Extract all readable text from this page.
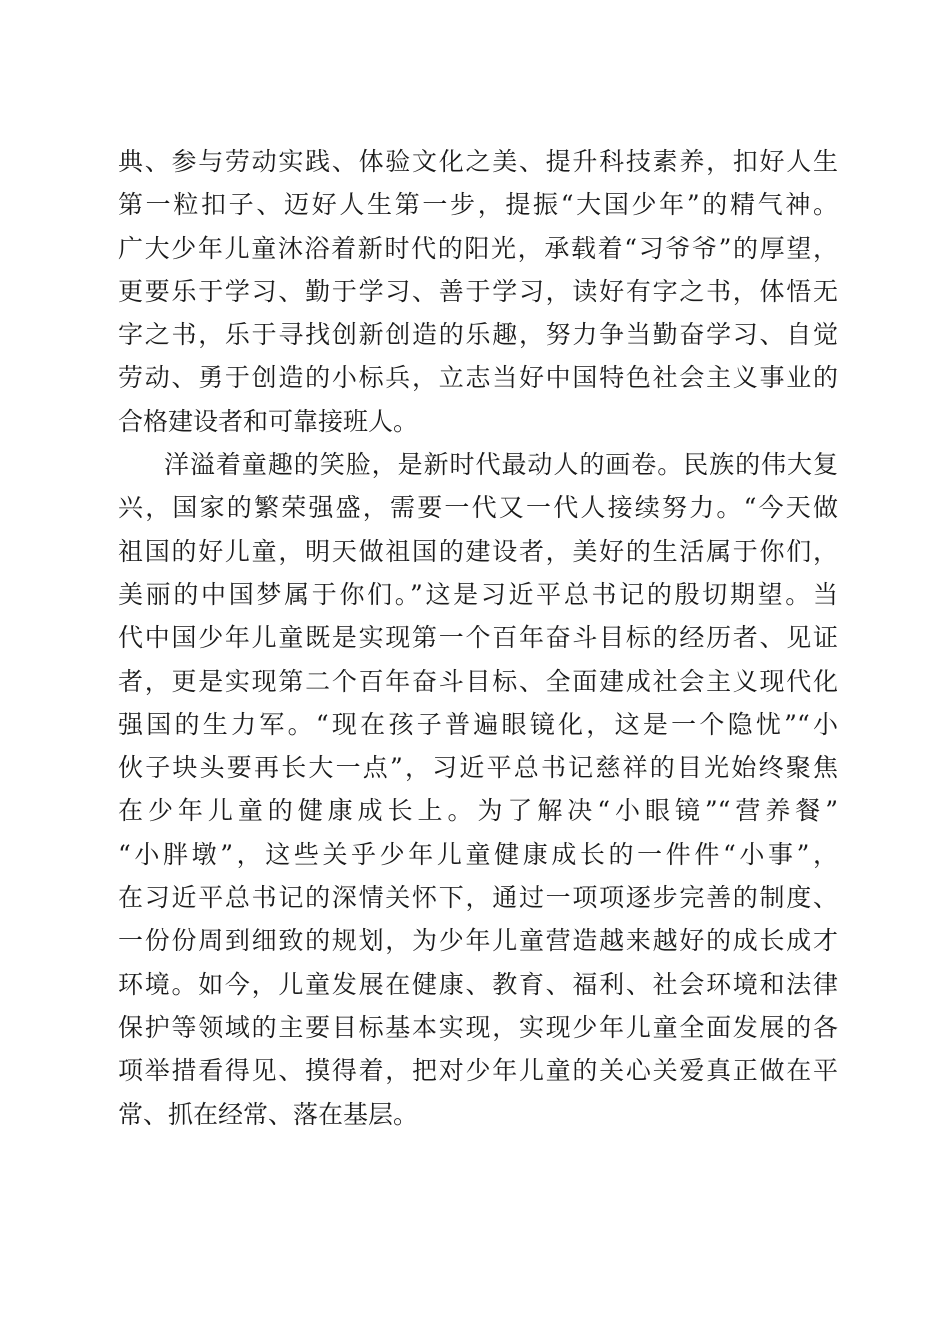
典、参与劳动实践、体验文化之美、提升科技素养，扣好人生
第一粒扣子、迈好人生第一步，提振“大国少年”的精气神。
广大少年儿童沐浴着新时代的阳光，承载着“习爷爷”的厚望，
更要乐于学习、勤于学习、善于学习，读好有字之书，体悟无
字之书，乐于寻找创新创造的乐趣，努力争当勤奋学习、自觉
劳动、勇于创造的小标兵，立志当好中国特色社会主义事业的
合格建设者和可靠接班人。
洋溢着童趣的笑脸，是新时代最动人的画卷。民族的伟大复
兴，国家的繁荣强盛，需要一代又一代人接续努力。“今天做
祖国的好儿童，明天做祖国的建设者，美好的生活属于你们，
美丽的中国梦属于你们。”这是习近平总书记的殷切期望。当
代中国少年儿童既是实现第一个百年奋斗目标的经历者、见证
者，更是实现第二个百年奋斗目标、全面建成社会主义现代化
强国的生力军。“现在孩子普遍眼镜化，这是一个隐忧”“小
伙子块头要再长大一点”，习近平总书记慈祥的目光始终聚焦
在少年儿童的健康成长上。为了解决“小眼镜”“营养餐”
“小胖墩”，这些关乎少年儿童健康成长的一件件“小事”，
在习近平总书记的深情关怀下，通过一项项逐步完善的制度、
一份份周到细致的规划，为少年儿童营造越来越好的成长成才
环境。如今，儿童发展在健康、教育、福利、社会环境和法律
保护等领域的主要目标基本实现，实现少年儿童全面发展的各
项举措看得见、摸得着，把对少年儿童的关心关爱真正做在平
常、抓在经常、落在基层。
